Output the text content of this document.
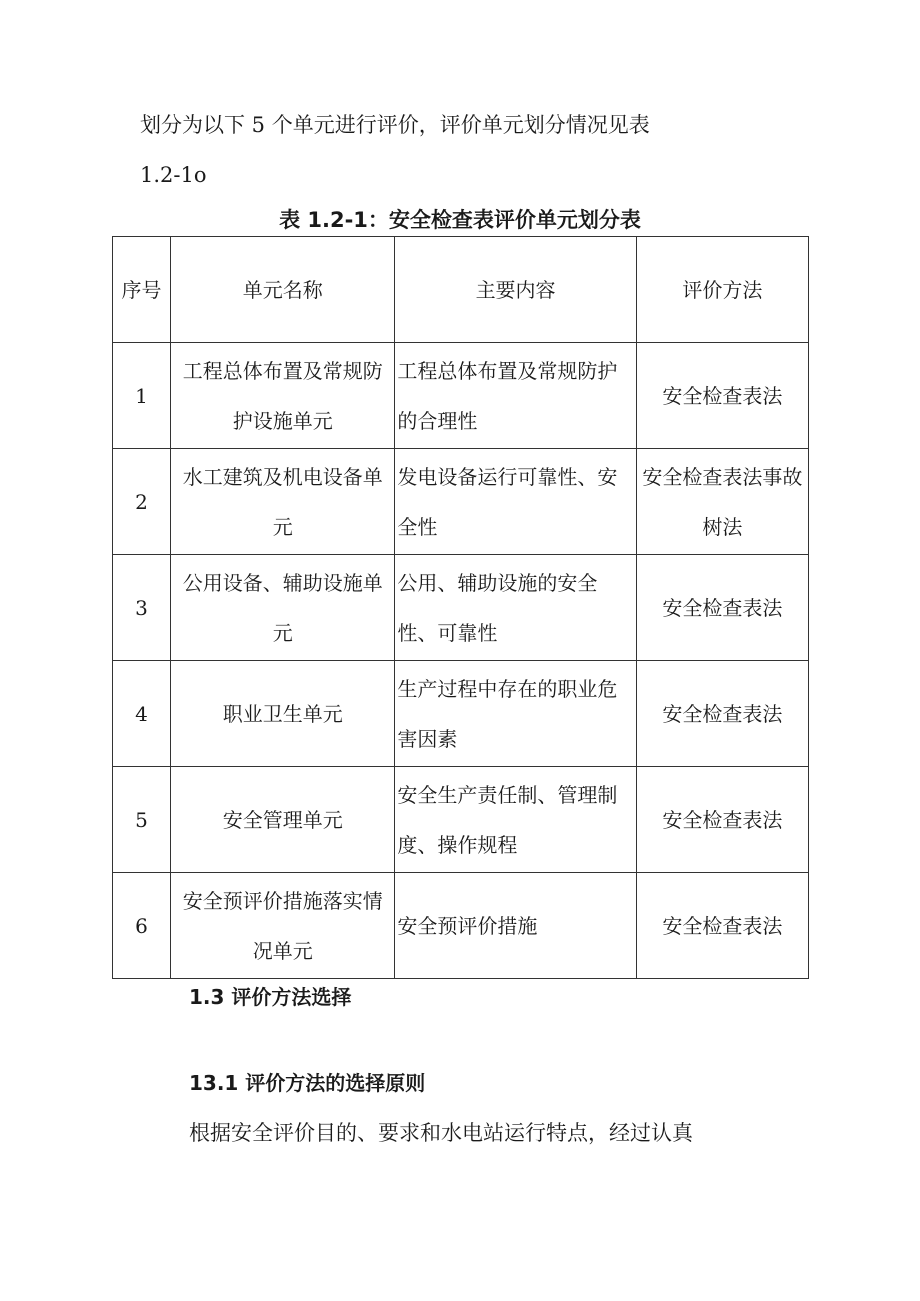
划分为以下 5 个单元进行评价，评价单元划分情况见表
1.2-1o
表 1.2-1：安全检查表评价单元划分表
序号	单元名称	主要内容	评价方法
1	工程总体布置及常规防护设施单元	工程总体布置及常规防护的合理性	安全检查表法
2	水工建筑及机电设备单元	发电设备运行可靠性、安全性	安全检查表法事故树法
3	公用设备、辅助设施单元	公用、辅助设施的安全性、可靠性	安全检查表法
4	职业卫生单元	生产过程中存在的职业危害因素	安全检查表法
5	安全管理单元	安全生产责任制、管理制度、操作规程	安全检查表法
6	安全预评价措施落实情况单元	安全预评价措施	安全检查表法
1.3 评价方法选择
13.1 评价方法的选择原则
根据安全评价目的、要求和水电站运行特点，经过认真
